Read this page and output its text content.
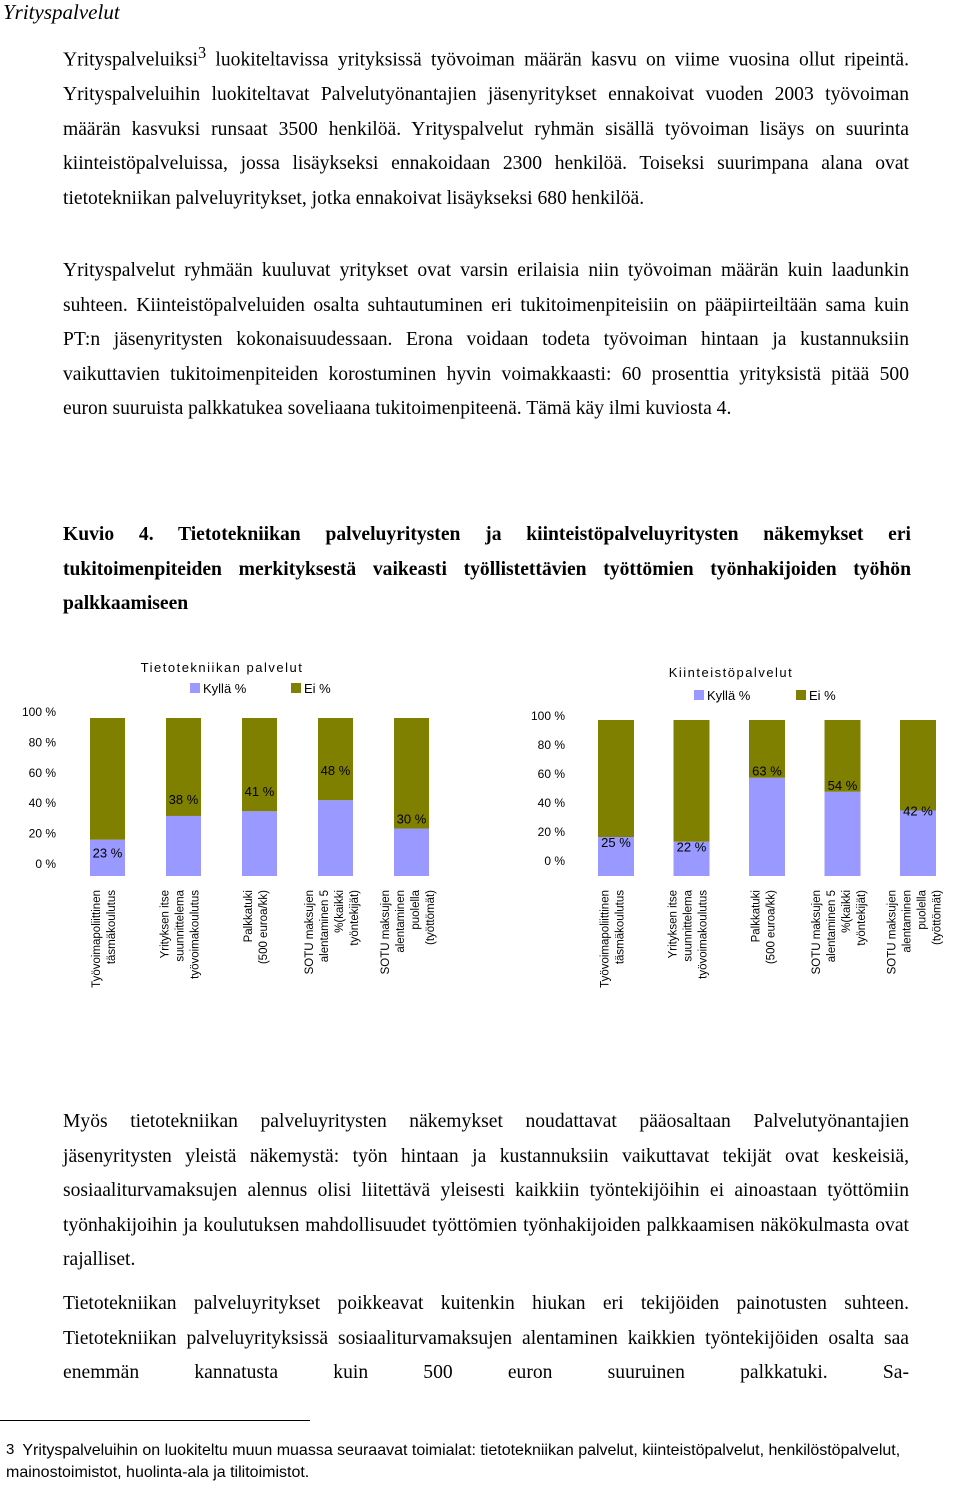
Yrityspalvelut
Yrityspalveluiksi$^3$ luokiteltavissa yrityksissä työvoiman määrän kasvu on viime vuosina ollut ripeintä. Yrityspalveluihin luokiteltavat Palvelutyönantajien jäsenyritykset ennakoivat vuoden 2003 työvoiman määrän kasvuksi runsaat 3500 henkilöä. Yrityspalvelut ryhmän sisällä työvoiman lisäys on suurinta kiinteistöpalveluissa, jossa lisäykseksi ennakoidaan 2300 henkilöä. Toiseksi suurimpana alana ovat tietotekniikan palveluyritykset, jotka ennakoivat lisäykseksi 680 henkilöä.
Yrityspalvelut ryhmään kuuluvat yritykset ovat varsin erilaisia niin työvoiman määrän kuin laadunkin suhteen. Kiinteistöpalveluiden osalta suhtautuminen eri tukitoimenpiteisiin on pääpiirteiltään sama kuin PT:n jäsenyritysten kokonaisuudessaan. Erona voidaan todeta työvoiman hintaan ja kustannuksiin vaikuttavien tukitoimenpiteiden korostuminen hyvin voimakkaasti: 60 prosenttia yrityksistä pitää 500 euron suuruista palkkatukea soveliaana tukitoimenpiteenä. Tämä käy ilmi kuviosta 4.
Kuvio 4. Tietotekniikan palveluyritysten ja kiinteistöpalveluyritysten näkemykset eri tukitoimenpiteiden merkityksestä vaikeasti työllistettävien työttömien työnhakijoiden työhön palkkaamiseen
Tietotekniikan palvelut
Kyllä %	Ei %
0 %
20 %
40 %
60 %
80 %
100 %
23 %
Työvoimapoliittinen täsmäkoulutus
38 %
Yrityksen itse suunnittelema työvoimakoulutus
41 %
Palkkatuki (500 euroa/kk)
48 %
SOTU maksujen alentaminen 5 %(kaikki työntekijät)
30 %
SOTU maksujen alentaminen puolella (työttömät)
Kiinteistöpalvelut
Kyllä %	Ei %
0 %
20 %
40 %
60 %
80 %
100 %
25 %
Työvoimapoliittinen täsmäkoulutus
22 %
Yrityksen itse suunnittelema työvoimakoulutus
63 %
Palkkatuki (500 euroa/kk)
54 %
SOTU maksujen alentaminen 5 %(kaikki työntekijät)
42 %
SOTU maksujen alentaminen puolella (työttömät)
Myös tietotekniikan palveluyritysten näkemykset noudattavat pääosaltaan Palvelutyönantajien jäsenyritysten yleistä näkemystä: työn hintaan ja kustannuksiin vaikuttavat tekijät ovat keskeisiä, sosiaaliturvamaksujen alennus olisi liitettävä yleisesti kaikkiin työntekijöihin ei ainoastaan työttömiin työnhakijoihin ja koulutuksen mahdollisuudet työttömien työnhakijoiden palkkaamisen näkökulmasta ovat rajalliset.
Tietotekniikan palveluyritykset poikkeavat kuitenkin hiukan eri tekijöiden painotusten suhteen. Tietotekniikan palveluyrityksissä sosiaaliturvamaksujen alentaminen kaikkien työntekijöiden osalta saa enemmän kannatusta kuin 500 euron suuruinen palkkatuki. Sa-
$^3$ Yrityspalveluihin on luokiteltu muun muassa seuraavat toimialat: tietotekniikan palvelut, kiinteistöpalvelut, henkilöstöpalvelut, mainostoimistot, huolinta-ala ja tilitoimistot.
